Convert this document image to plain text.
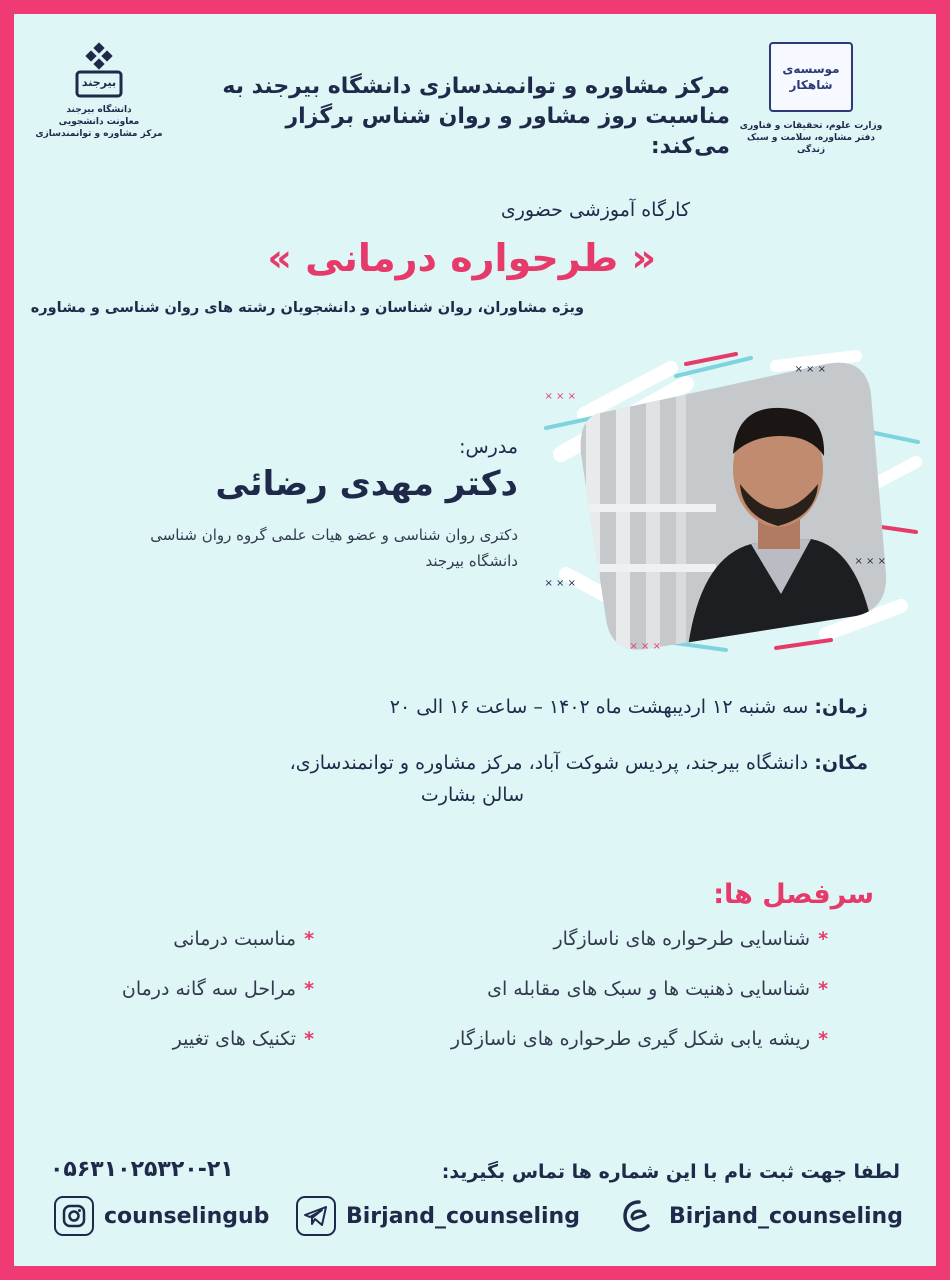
موسسه‌ی شاهکار
وزارت علوم، تحقیقات و فناوری
دفتر مشاوره، سلامت و سبک زندگی
بیرجند
دانشگاه بیرجند
معاونت دانشجویی
مرکز مشاوره و توانمندسازی
مرکز مشاوره و توانمندسازی دانشگاه بیرجند به
مناسبت روز مشاور و روان شناس برگزار می‌کند:
کارگاه آموزشی حضوری
« طرحواره درمانی »
ویژه مشاوران، روان شناسان و دانشجویان رشته های روان شناسی و مشاوره
× × ×
× × ×
× × ×
× × ×
× × ×
مدرس:
دکتر مهدی رضائی
دکتری روان شناسی و عضو هیات علمی گروه روان شناسی
دانشگاه بیرجند
زمان: سه شنبه ۱۲ اردیبهشت ماه ۱۴۰۲ – ساعت ۱۶ الی ۲۰
مکان: دانشگاه بیرجند، پردیس شوکت آباد، مرکز مشاوره و توانمندسازی،
سالن بشارت
سرفصل ها:
*شناسایی طرحواره های ناسازگار
*شناسایی ذهنیت ها و سبک های مقابله ای
*ریشه یابی شکل گیری طرحواره های ناسازگار
*مناسبت درمانی
*مراحل سه گانه درمان
*تکنیک های تغییر
لطفا جهت ثبت نام با این شماره ها تماس بگیرید:
۰۵۶۳۱۰۲۵۳۲۰-۲۱
counselingub	Birjand_counseling	Birjand_counseling
